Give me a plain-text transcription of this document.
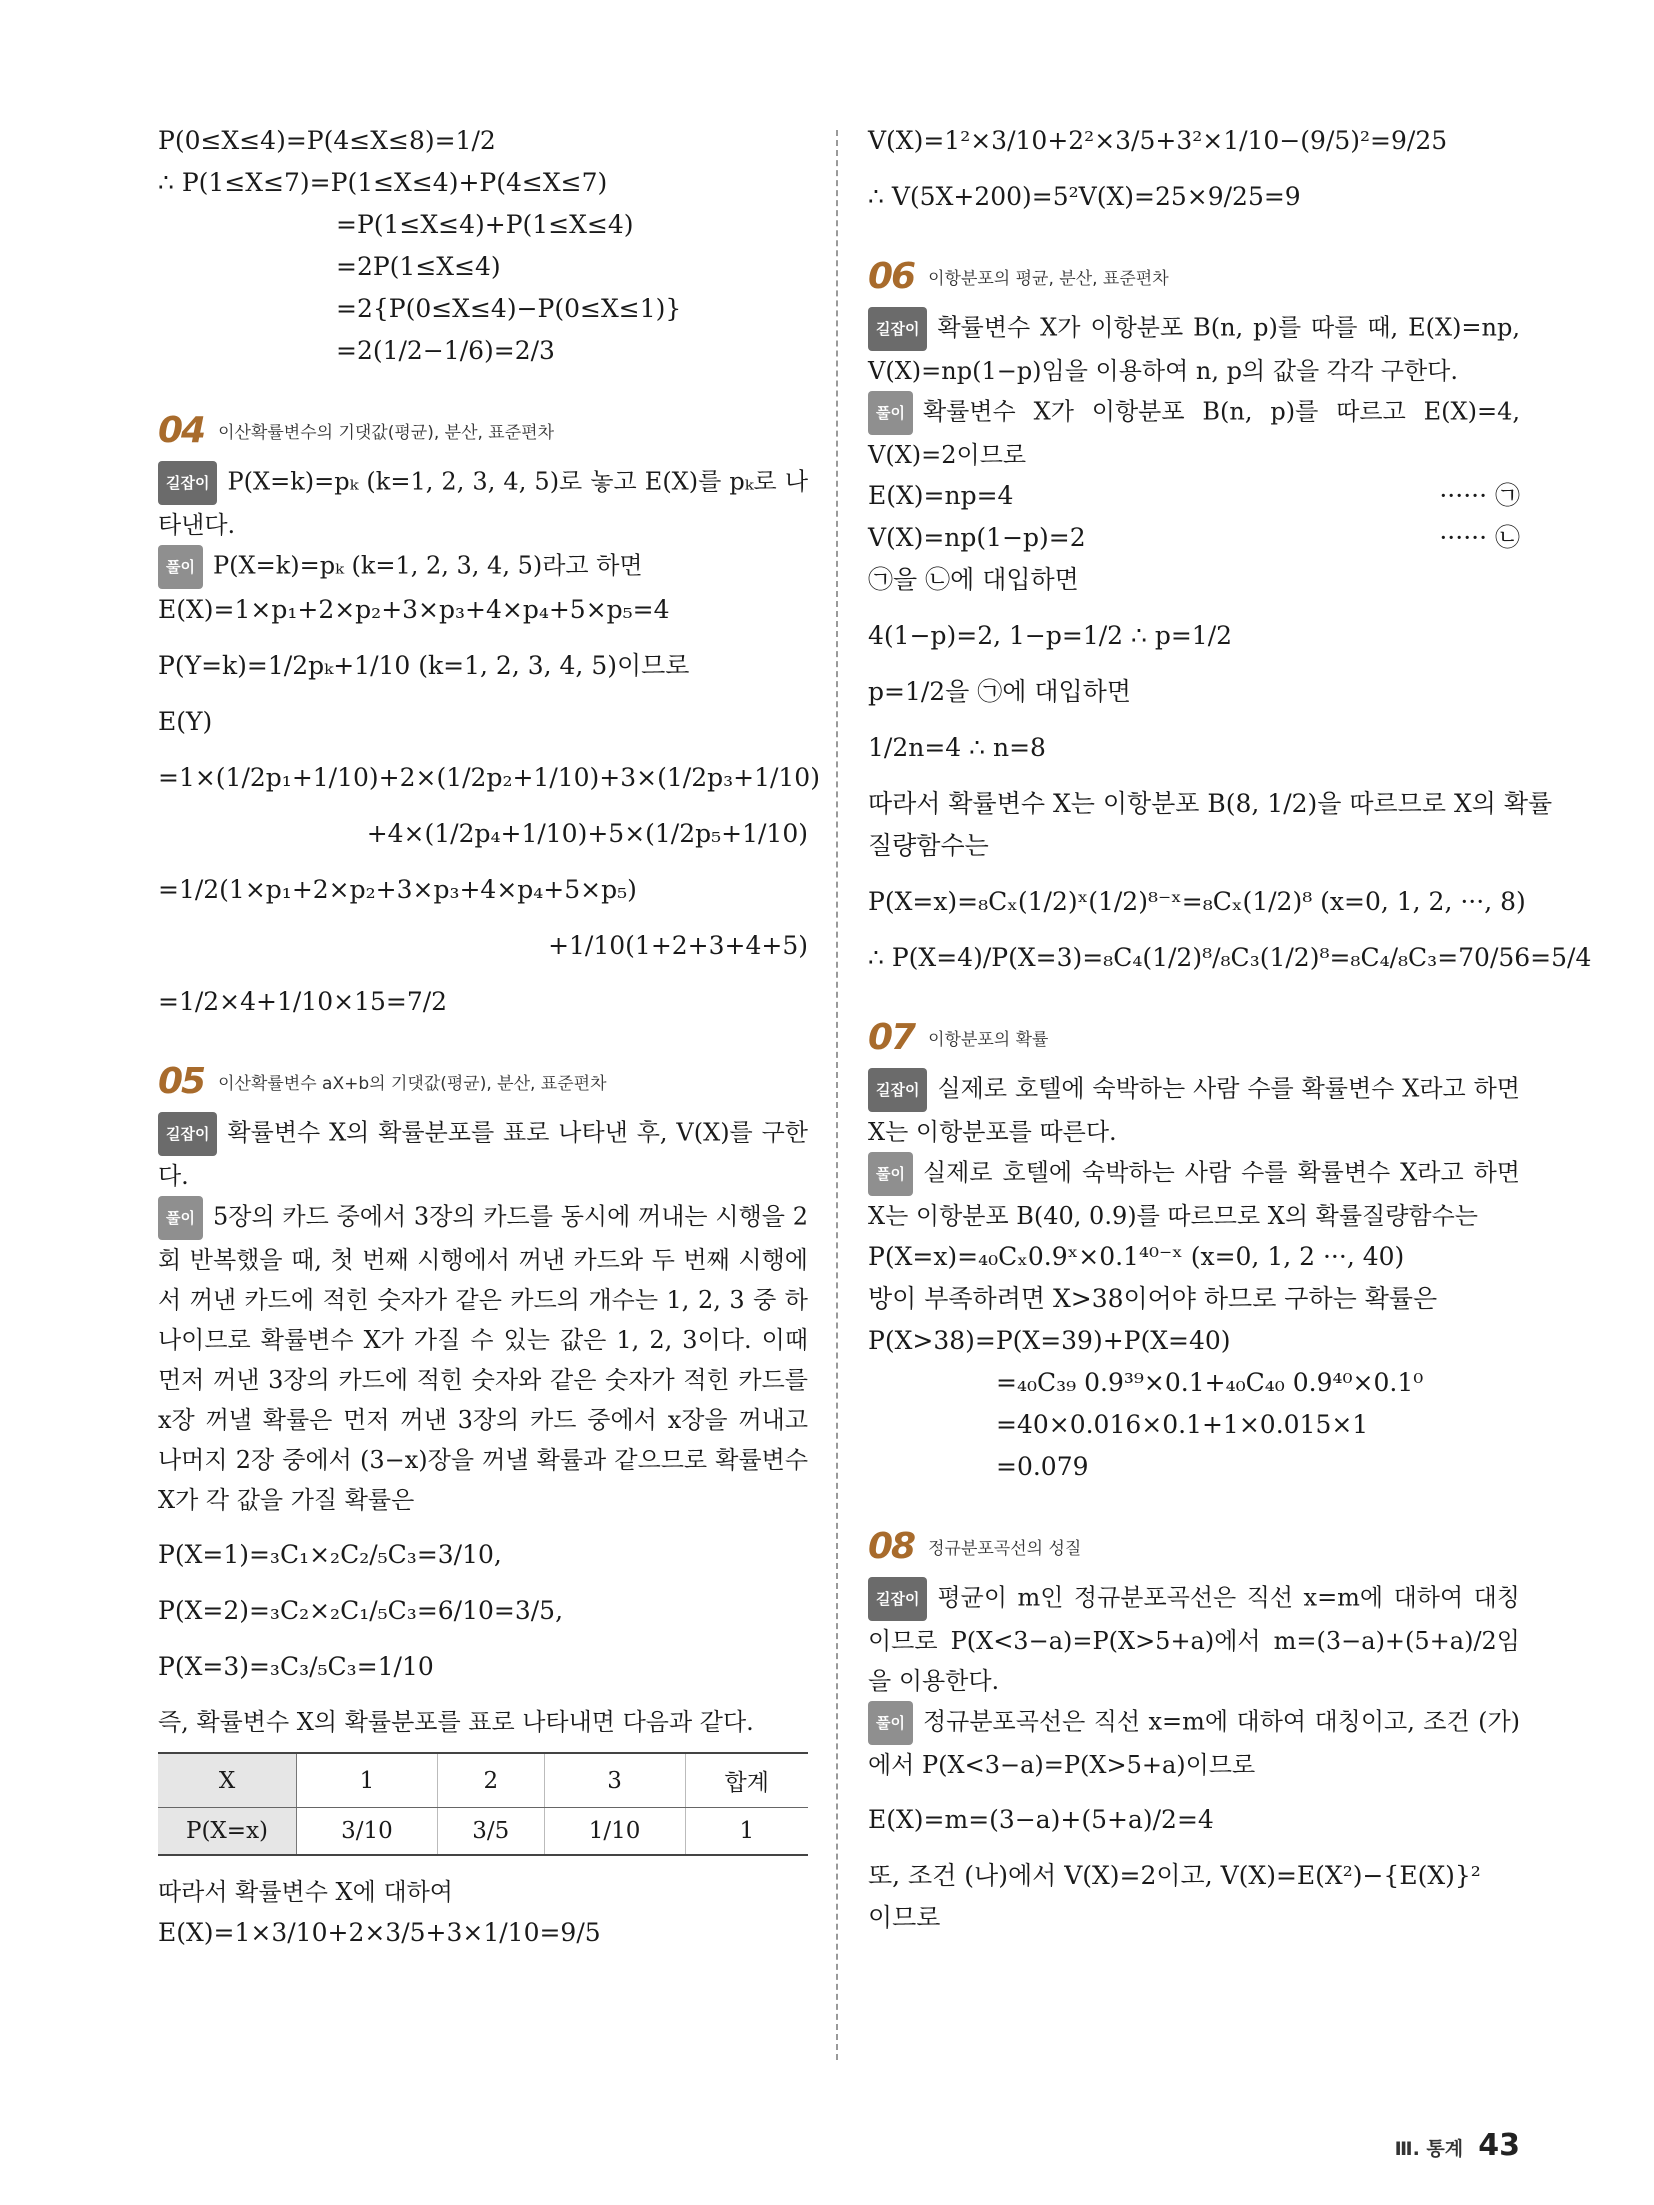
P(0≤X≤4)=P(4≤X≤8)=1/2
∴ P(1≤X≤7)=P(1≤X≤4)+P(4≤X≤7)
=P(1≤X≤4)+P(1≤X≤4)
=2P(1≤X≤4)
=2{P(0≤X≤4)−P(0≤X≤1)}
=2(1/2−1/6)=2/3
04 이산확률변수의 기댓값(평균), 분산, 표준편차
길잡이 P(X=k)=pₖ (k=1, 2, 3, 4, 5)로 놓고 E(X)를 pₖ로 나타낸다.
풀이 P(X=k)=pₖ (k=1, 2, 3, 4, 5)라고 하면
E(X)=1×p₁+2×p₂+3×p₃+4×p₄+5×p₅=4
P(Y=k)=1/2pₖ+1/10 (k=1, 2, 3, 4, 5)이므로
E(Y)
=1×(1/2p₁+1/10)+2×(1/2p₂+1/10)+3×(1/2p₃+1/10)
+4×(1/2p₄+1/10)+5×(1/2p₅+1/10)
=1/2(1×p₁+2×p₂+3×p₃+4×p₄+5×p₅)
+1/10(1+2+3+4+5)
=1/2×4+1/10×15=7/2
05 이산확률변수 aX+b의 기댓값(평균), 분산, 표준편차
길잡이 확률변수 X의 확률분포를 표로 나타낸 후, V(X)를 구한다.
풀이 5장의 카드 중에서 3장의 카드를 동시에 꺼내는 시행을 2회 반복했을 때, 첫 번째 시행에서 꺼낸 카드와 두 번째 시행에서 꺼낸 카드에 적힌 숫자가 같은 카드의 개수는 1, 2, 3 중 하나이므로 확률변수 X가 가질 수 있는 값은 1, 2, 3이다. 이때 먼저 꺼낸 3장의 카드에 적힌 숫자와 같은 숫자가 적힌 카드를 x장 꺼낼 확률은 먼저 꺼낸 3장의 카드 중에서 x장을 꺼내고 나머지 2장 중에서 (3−x)장을 꺼낼 확률과 같으므로 확률변수 X가 각 값을 가질 확률은
P(X=1)=₃C₁×₂C₂/₅C₃=3/10,
P(X=2)=₃C₂×₂C₁/₅C₃=6/10=3/5,
P(X=3)=₃C₃/₅C₃=1/10
즉, 확률변수 X의 확률분포를 표로 나타내면 다음과 같다.
X	1	2	3	합계
P(X=x)	3/10	3/5	1/10	1
따라서 확률변수 X에 대하여
E(X)=1×3/10+2×3/5+3×1/10=9/5
V(X)=1²×3/10+2²×3/5+3²×1/10−(9/5)²=9/25
∴ V(5X+200)=5²V(X)=25×9/25=9
06 이항분포의 평균, 분산, 표준편차
길잡이 확률변수 X가 이항분포 B(n, p)를 따를 때, E(X)=np, V(X)=np(1−p)임을 이용하여 n, p의 값을 각각 구한다.
풀이 확률변수 X가 이항분포 B(n, p)를 따르고 E(X)=4, V(X)=2이므로
E(X)=np=4	······ ㉠
V(X)=np(1−p)=2	······ ㉡
㉠을 ㉡에 대입하면
4(1−p)=2, 1−p=1/2 ∴ p=1/2
p=1/2을 ㉠에 대입하면
1/2n=4 ∴ n=8
따라서 확률변수 X는 이항분포 B(8, 1/2)을 따르므로 X의 확률
질량함수는
P(X=x)=₈Cₓ(1/2)ˣ(1/2)⁸⁻ˣ=₈Cₓ(1/2)⁸ (x=0, 1, 2, ···, 8)
∴ P(X=4)/P(X=3)=₈C₄(1/2)⁸/₈C₃(1/2)⁸=₈C₄/₈C₃=70/56=5/4
07 이항분포의 확률
길잡이 실제로 호텔에 숙박하는 사람 수를 확률변수 X라고 하면 X는 이항분포를 따른다.
풀이 실제로 호텔에 숙박하는 사람 수를 확률변수 X라고 하면 X는 이항분포 B(40, 0.9)를 따르므로 X의 확률질량함수는
P(X=x)=₄₀Cₓ0.9ˣ×0.1⁴⁰⁻ˣ (x=0, 1, 2 ···, 40)
방이 부족하려면 X>38이어야 하므로 구하는 확률은
P(X>38)=P(X=39)+P(X=40)
=₄₀C₃₉ 0.9³⁹×0.1+₄₀C₄₀ 0.9⁴⁰×0.1⁰
=40×0.016×0.1+1×0.015×1
=0.079
08 정규분포곡선의 성질
길잡이 평균이 m인 정규분포곡선은 직선 x=m에 대하여 대칭이므로 P(X<3−a)=P(X>5+a)에서 m=(3−a)+(5+a)/2임을 이용한다.
풀이 정규분포곡선은 직선 x=m에 대하여 대칭이고, 조건 (가)에서 P(X<3−a)=P(X>5+a)이므로
E(X)=m=(3−a)+(5+a)/2=4
또, 조건 (나)에서 V(X)=2이고, V(X)=E(X²)−{E(X)}²
이므로
Ⅲ. 통계 43
